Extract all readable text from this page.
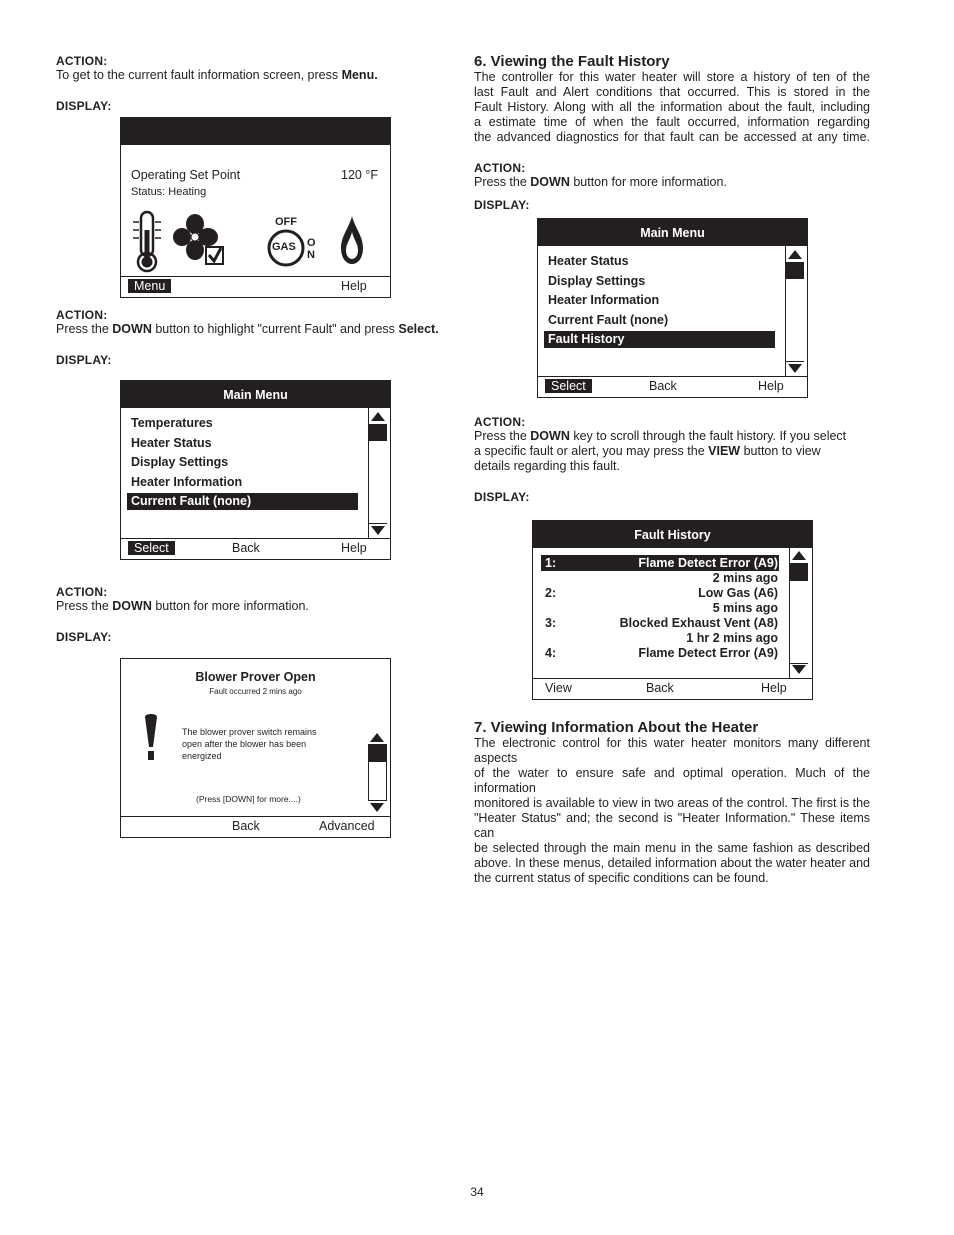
ACTION:
To get to the current fault information screen, press Menu.
DISPLAY:
Operating Set Point	120 °F
Status: Heating
OFF
GAS O
N
Menu	Help
ACTION:
Press the DOWN button to highlight "current Fault" and press Select.
DISPLAY:
Main Menu
Temperatures
Heater Status
Display Settings
Heater Information
Current Fault (none)
Select	Back	Help
ACTION:
Press the DOWN button for more information.
DISPLAY:
Blower Prover Open
Fault occurred 2 mins ago
The blower prover switch remains
open after the blower has been
energized
(Press [DOWN] for more....)
Back	Advanced
6. Viewing the Fault History
The controller for this water heater will store a history of ten of the
last Fault and Alert conditions that occurred. This is stored in the
Fault History. Along with all the information about the fault, including
a estimate time of when the fault occurred, information regarding
the advanced diagnostics for that fault can be accessed at any time.
ACTION:
Press the DOWN button for more information.
DISPLAY:
Main Menu
Heater Status
Display Settings
Heater Information
Current Fault (none)
Fault History
Select	Back	Help
ACTION:
Press the DOWN key to scroll through the fault history. If you select
a specific fault or alert, you may press the VIEW button to view
details regarding this fault.
DISPLAY:
Fault History
1:	Flame Detect Error (A9)
2 mins ago
2:	Low Gas (A6)
5 mins ago
3:	Blocked Exhaust Vent (A8)
1 hr 2 mins ago
4:	Flame Detect Error (A9)
View	Back	Help
7. Viewing Information About the Heater
The electronic control for this water heater monitors many different aspects
of the water to ensure safe and optimal operation. Much of the information
monitored is available to view in two areas of the control. The first is the
"Heater Status" and; the second is "Heater Information." These items can
be selected through the main menu in the same fashion as described
above. In these menus, detailed information about the water heater and
the current status of specific conditions can be found.
34
